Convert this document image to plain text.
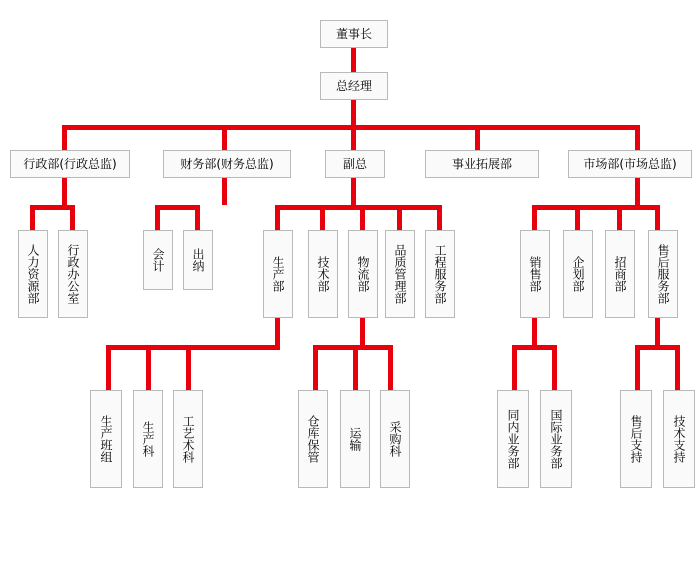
董事长
总经理
行政部(行政总监)	财务部(财务总监)	副总	事业拓展部	市场部(市场总监)
人力资源部	行政办公室	会计	出纳	生产部	技术部	物流部	品质管理部	工程服务部	销售部	企划部	招商部	售后服务部
生产班组	生产科	工艺术科	仓库保管	运输	采购科	同内业务部	国际业务部	售后支持	技术支持
